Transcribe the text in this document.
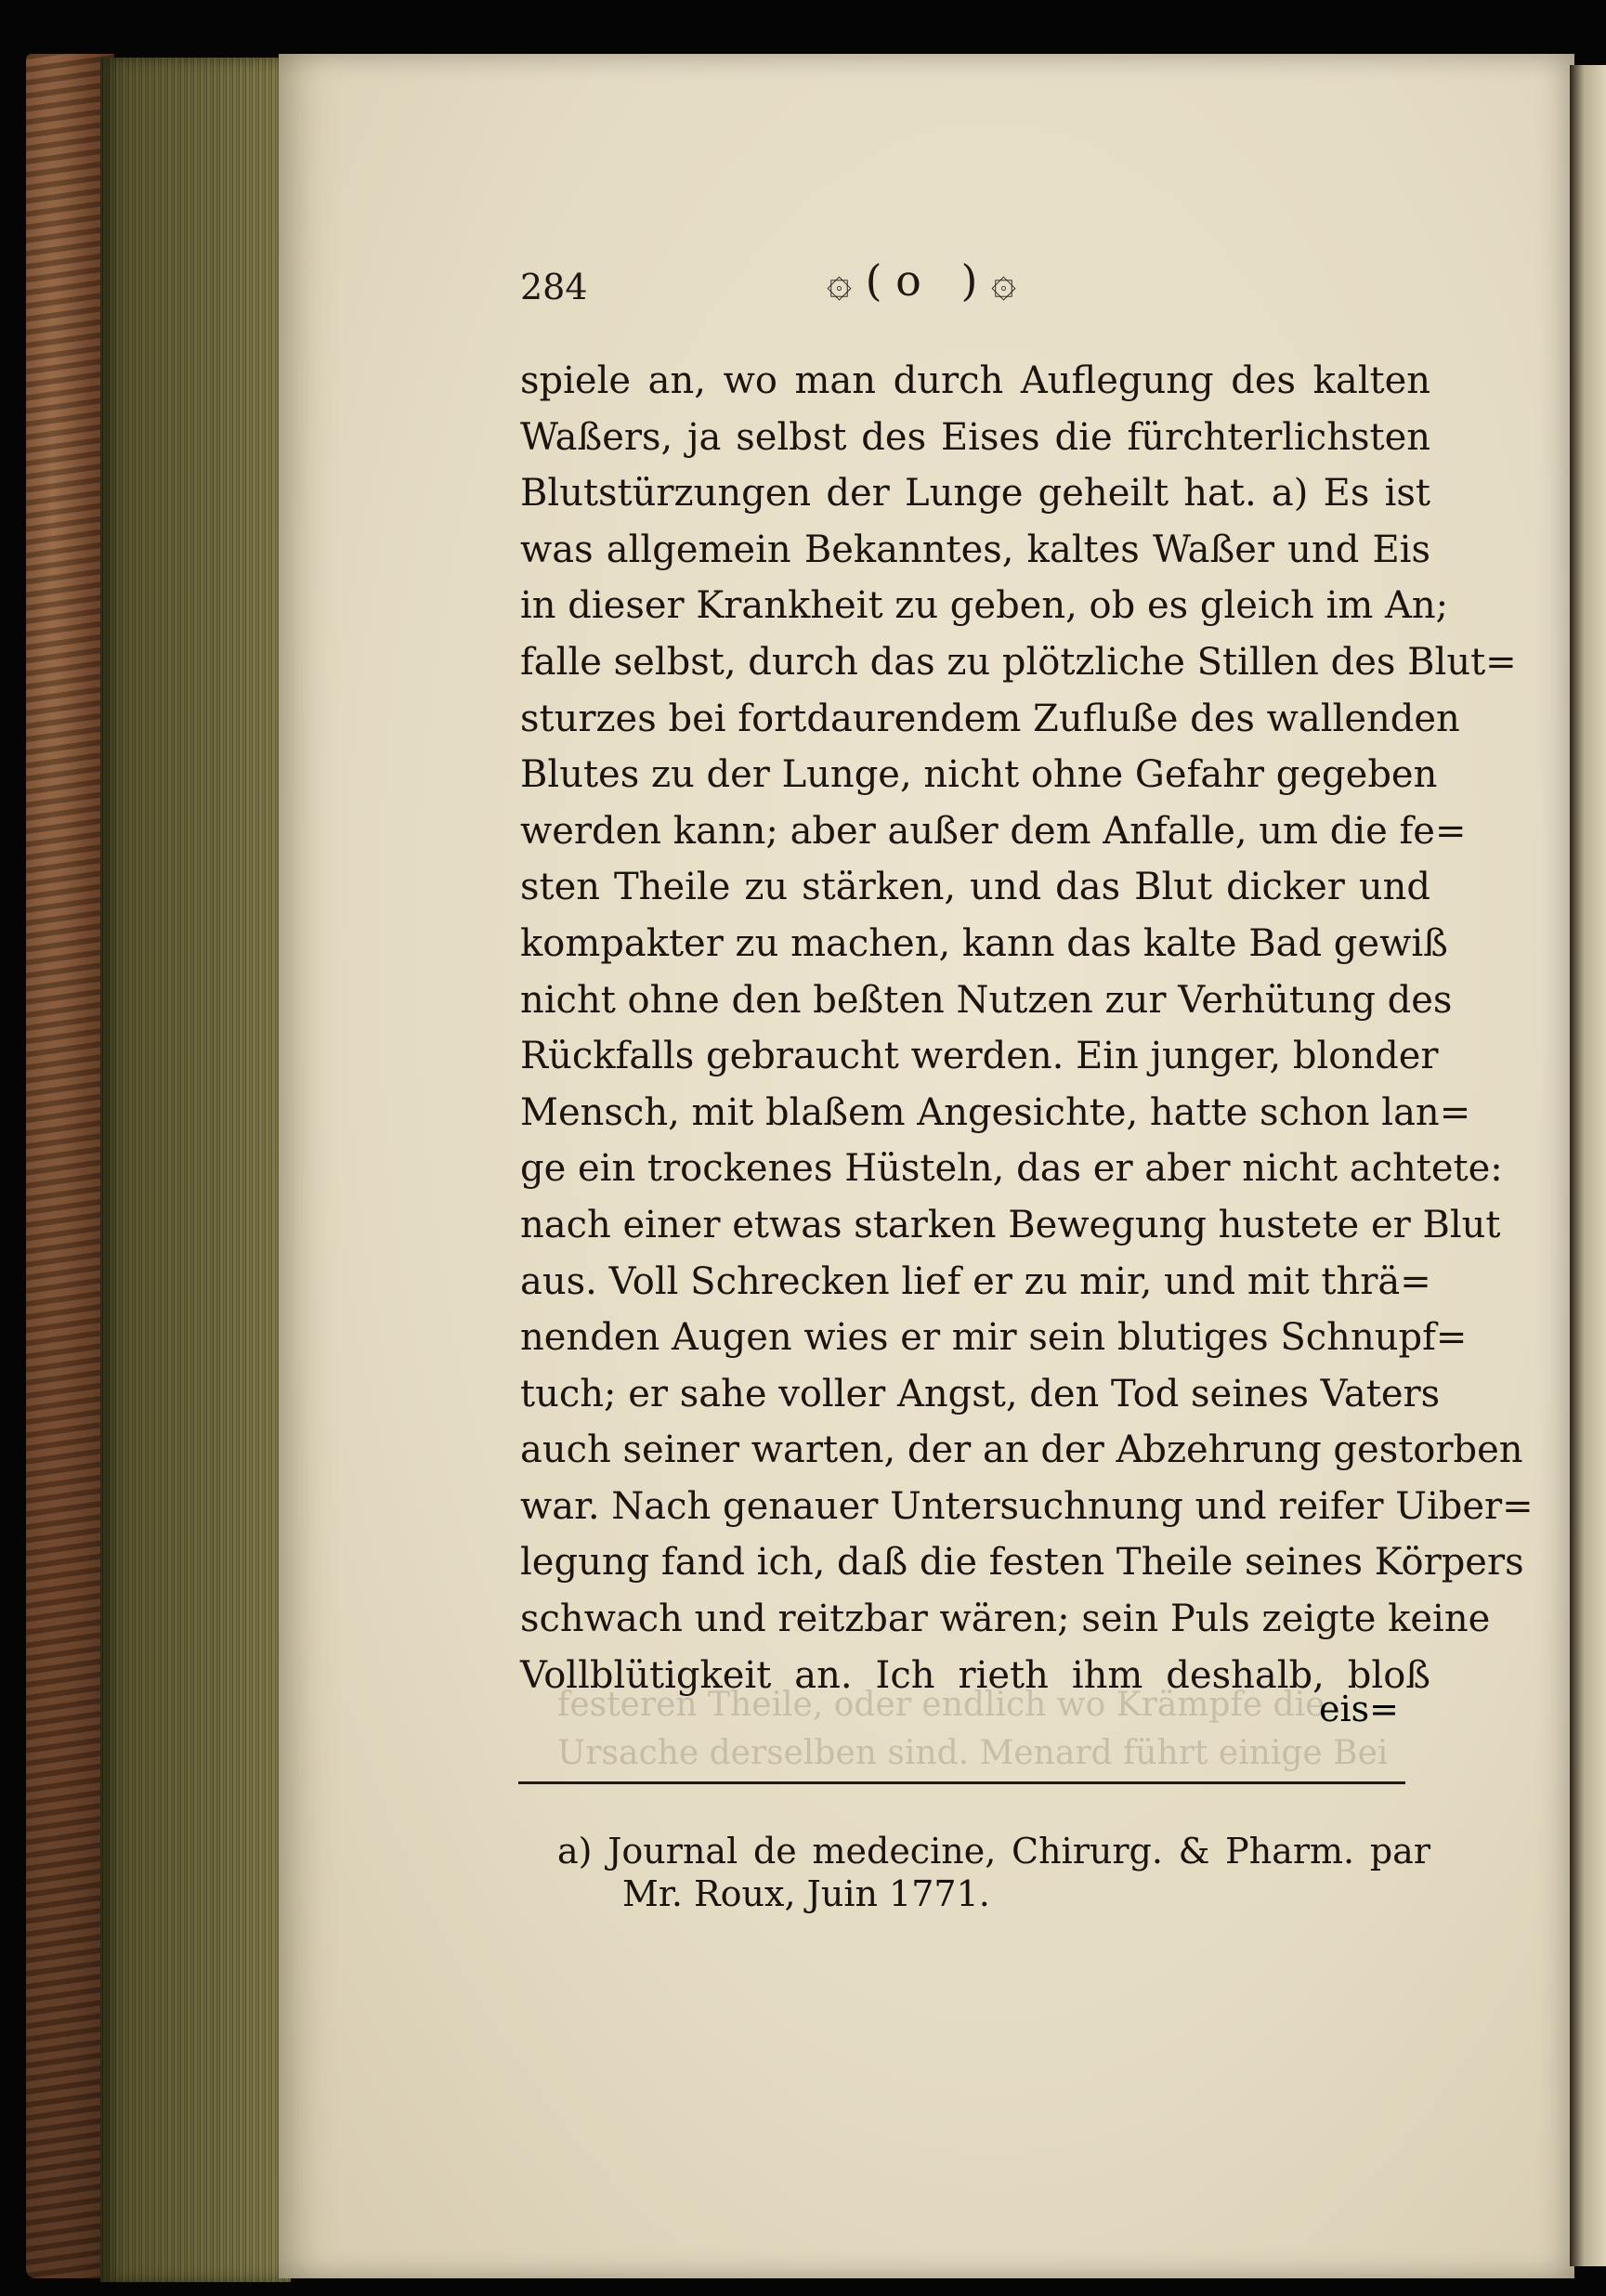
284	۞ ( o ) ۞
festeren Theile, oder endlich wo Krämpfe die
Ursache derselben sind. Menard führt einige Bei
spiele an, wo man durch Auflegung des kalten
Waßers, ja selbst des Eises die fürchterlichsten
Blutstürzungen der Lunge geheilt hat. a) Es ist
was allgemein Bekanntes, kaltes Waßer und Eis
in dieser Krankheit zu geben, ob es gleich im An;
falle selbst, durch das zu plötzliche Stillen des Blut=
sturzes bei fortdaurendem Zufluße des wallenden
Blutes zu der Lunge, nicht ohne Gefahr gegeben
werden kann; aber außer dem Anfalle, um die fe=
sten Theile zu stärken, und das Blut dicker und
kompakter zu machen, kann das kalte Bad gewiß
nicht ohne den beßten Nutzen zur Verhütung des
Rückfalls gebraucht werden. Ein junger, blonder
Mensch, mit blaßem Angesichte, hatte schon lan=
ge ein trockenes Hüsteln, das er aber nicht achtete:
nach einer etwas starken Bewegung hustete er Blut
aus. Voll Schrecken lief er zu mir, und mit thrä=
nenden Augen wies er mir sein blutiges Schnupf=
tuch; er sahe voller Angst, den Tod seines Vaters
auch seiner warten, der an der Abzehrung gestorben
war. Nach genauer Untersuchnung und reifer Uiber=
legung fand ich, daß die festen Theile seines Körpers
schwach und reitzbar wären; sein Puls zeigte keine
Vollblütigkeit an. Ich rieth ihm deshalb, bloß
eis=
a) Journal de medecine, Chirurg. & Pharm. par
Mr. Roux, Juin 1771.
